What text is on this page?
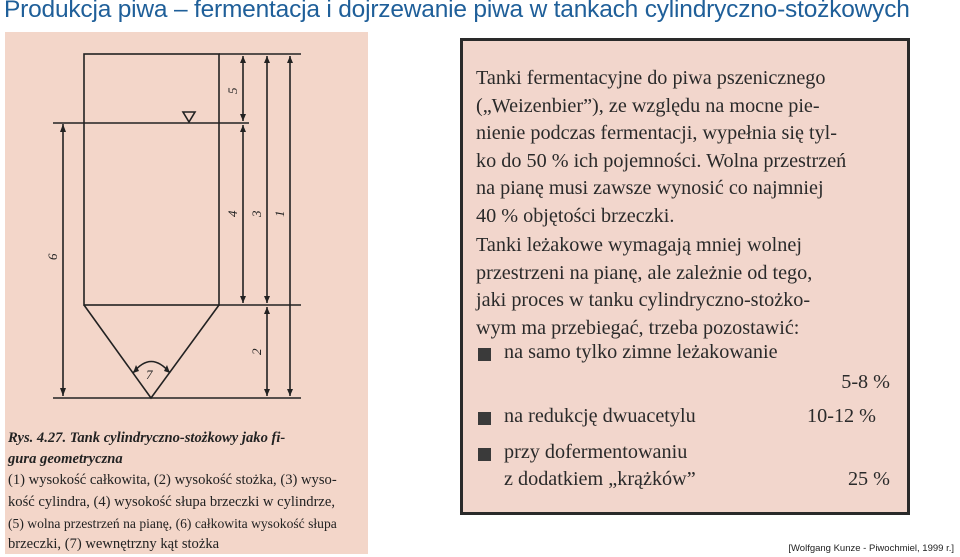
Produkcja piwa – fermentacja i dojrzewanie piwa w tankach cylindryczno-stożkowych
6
5
4 3
2
1
7
Rys. 4.27. Tank cylindryczno-stożkowy jako fi-
gura geometryczna
(1) wysokość całkowita, (2) wysokość stożka, (3) wyso-
kość cylindra, (4) wysokość słupa brzeczki w cylindrze,
(5) wolna przestrzeń na pianę, (6) całkowita wysokość słupa
brzeczki, (7) wewnętrzny kąt stożka
Tanki fermentacyjne do piwa pszenicznego
(„Weizenbier”), ze względu na mocne pie-
nienie podczas fermentacji, wypełnia się tyl-
ko do 50 % ich pojemności. Wolna przestrzeń
na pianę musi zawsze wynosić co najmniej
40 % objętości brzeczki.
Tanki leżakowe wymagają mniej wolnej
przestrzeni na pianę, ale zależnie od tego,
jaki proces w tanku cylindryczno-stożko-
wym ma przebiegać, trzeba pozostawić:
na samo tylko zimne leżakowanie
5-8 %
na redukcję dwuacetylu	10-12 %
przy dofermentowaniu
z dodatkiem „krążków”	25 %
[Wolfgang Kunze - Piwochmiel, 1999 r.]
